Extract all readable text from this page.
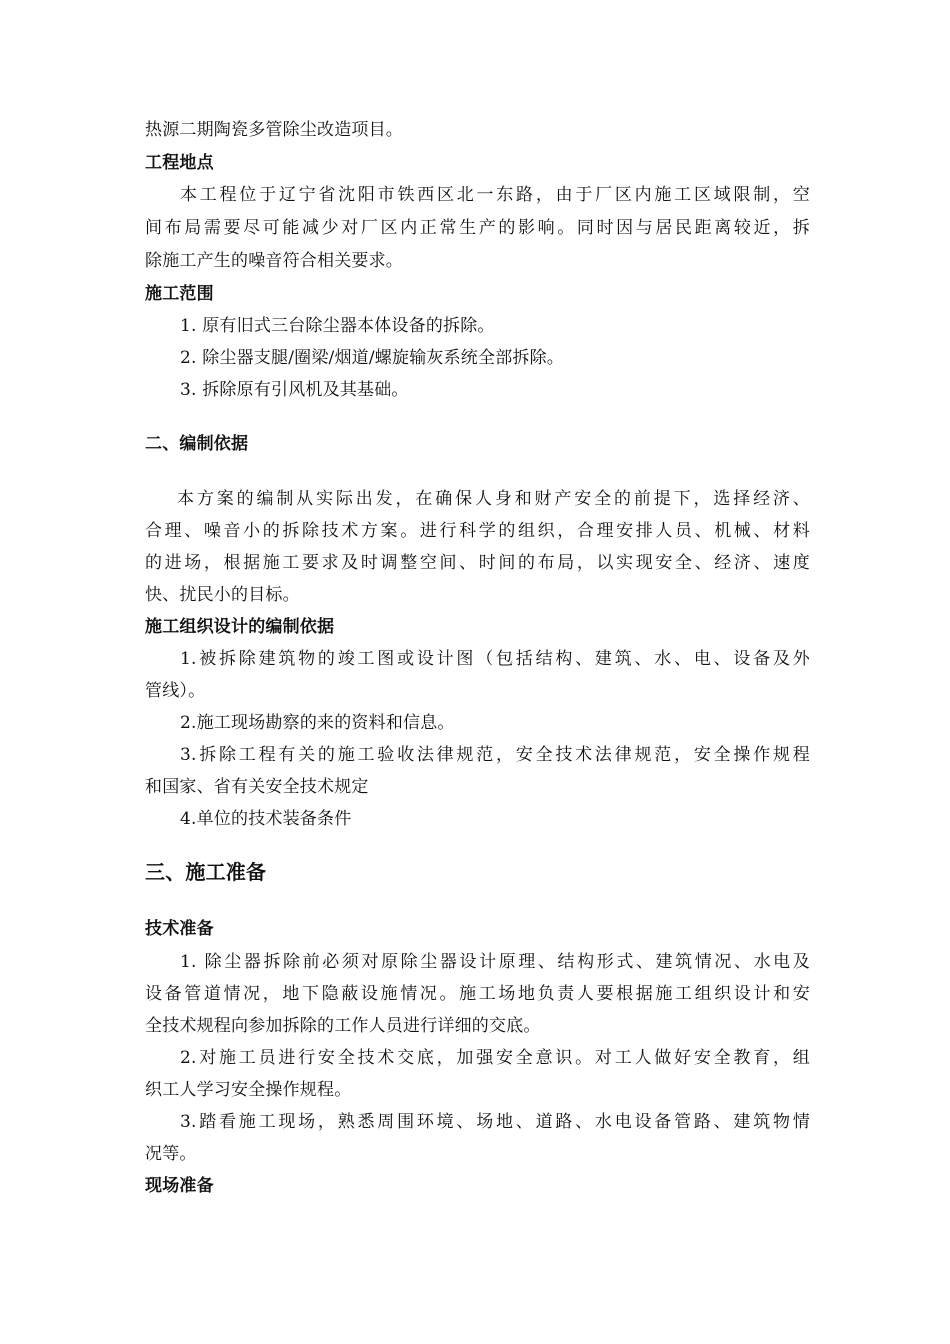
热源二期陶瓷多管除尘改造项目。
工程地点
本工程位于辽宁省沈阳市铁西区北一东路，由于厂区内施工区域限制，空
间布局需要尽可能减少对厂区内正常生产的影响。同时因与居民距离较近，拆
除施工产生的噪音符合相关要求。
施工范围
1. 原有旧式三台除尘器本体设备的拆除。
2. 除尘器支腿/圈梁/烟道/螺旋输灰系统全部拆除。
3. 拆除原有引风机及其基础。
二、编制依据
本方案的编制从实际出发，在确保人身和财产安全的前提下，选择经济、
合理、噪音小的拆除技术方案。进行科学的组织，合理安排人员、机械、材料
的进场，根据施工要求及时调整空间、时间的布局，以实现安全、经济、速度
快、扰民小的目标。
施工组织设计的编制依据
1.被拆除建筑物的竣工图或设计图（包括结构、建筑、水、电、设备及外
管线）。
2.施工现场勘察的来的资料和信息。
3.拆除工程有关的施工验收法律规范，安全技术法律规范，安全操作规程
和国家、省有关安全技术规定
4.单位的技术装备条件
三、施工准备
技术准备
1. 除尘器拆除前必须对原除尘器设计原理、结构形式、建筑情况、水电及
设备管道情况，地下隐蔽设施情况。施工场地负责人要根据施工组织设计和安
全技术规程向参加拆除的工作人员进行详细的交底。
2.对施工员进行安全技术交底，加强安全意识。对工人做好安全教育，组
织工人学习安全操作规程。
3.踏看施工现场，熟悉周围环境、场地、道路、水电设备管路、建筑物情
况等。
现场准备
